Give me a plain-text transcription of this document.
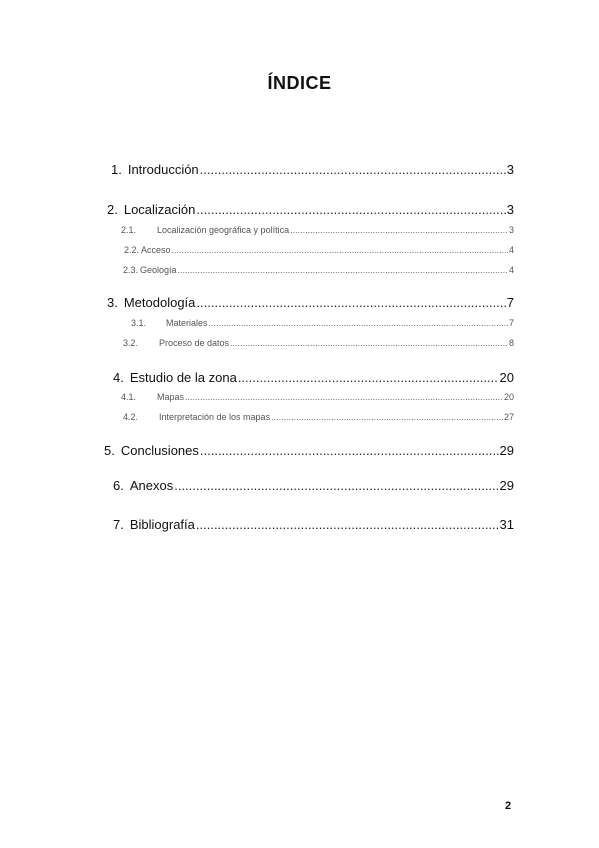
ÍNDICE
1. Introducción .....	3
2. Localización .....	3
2.1.	Localización geográfica y política .....	3
2.2. Acceso .....	4
2.3. Geología .....	4
3. Metodología .....	7
3.1.	Materiales .....	7
3.2.	Proceso de datos .....	8
4. Estudio de la zona .....	20
4.1.	Mapas .....	20
4.2.	Interpretación de los mapas .....	27
5. Conclusiones .....	29
6. Anexos .....	29
7. Bibliografía .....	31
2
